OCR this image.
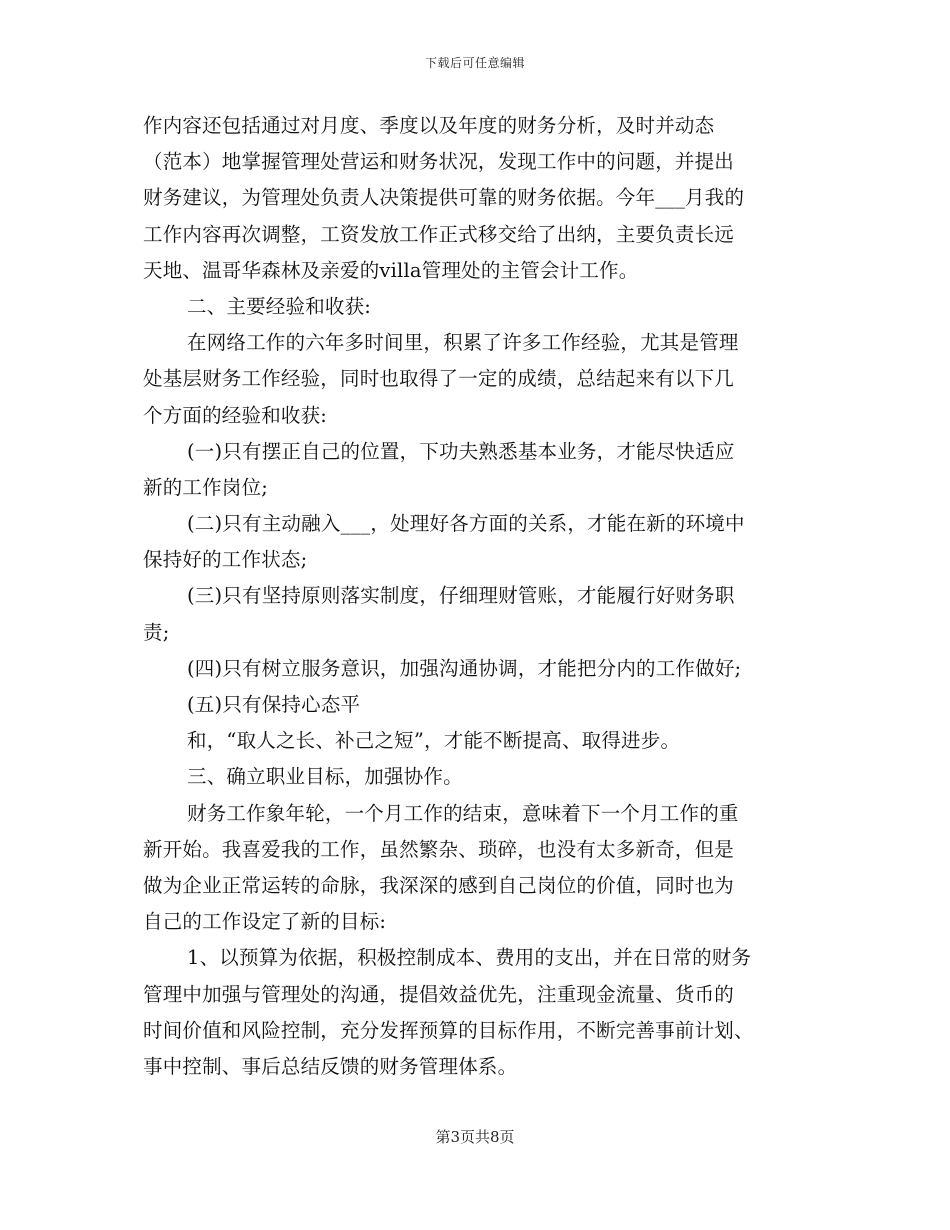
下载后可任意编辑
作内容还包括通过对月度、季度以及年度的财务分析，及时并动态
（范本）地掌握管理处营运和财务状况，发现工作中的问题，并提出
财务建议，为管理处负责人决策提供可靠的财务依据。今年___月我的
工作内容再次调整，工资发放工作正式移交给了出纳，主要负责长远
天地、温哥华森林及亲爱的villa管理处的主管会计工作。
二、主要经验和收获:
在网络工作的六年多时间里，积累了许多工作经验，尤其是管理
处基层财务工作经验，同时也取得了一定的成绩，总结起来有以下几
个方面的经验和收获:
(一)只有摆正自己的位置，下功夫熟悉基本业务，才能尽快适应
新的工作岗位;
(二)只有主动融入___，处理好各方面的关系，才能在新的环境中
保持好的工作状态;
(三)只有坚持原则落实制度，仔细理财管账，才能履行好财务职
责;
(四)只有树立服务意识，加强沟通协调，才能把分内的工作做好;
(五)只有保持心态平
和，“取人之长、补己之短”，才能不断提高、取得进步。
三、确立职业目标，加强协作。
财务工作象年轮，一个月工作的结束，意味着下一个月工作的重
新开始。我喜爱我的工作，虽然繁杂、琐碎，也没有太多新奇，但是
做为企业正常运转的命脉，我深深的感到自己岗位的价值，同时也为
自己的工作设定了新的目标:
1、以预算为依据，积极控制成本、费用的支出，并在日常的财务
管理中加强与管理处的沟通，提倡效益优先，注重现金流量、货币的
时间价值和风险控制，充分发挥预算的目标作用，不断完善事前计划、
事中控制、事后总结反馈的财务管理体系。
第3页共8页
